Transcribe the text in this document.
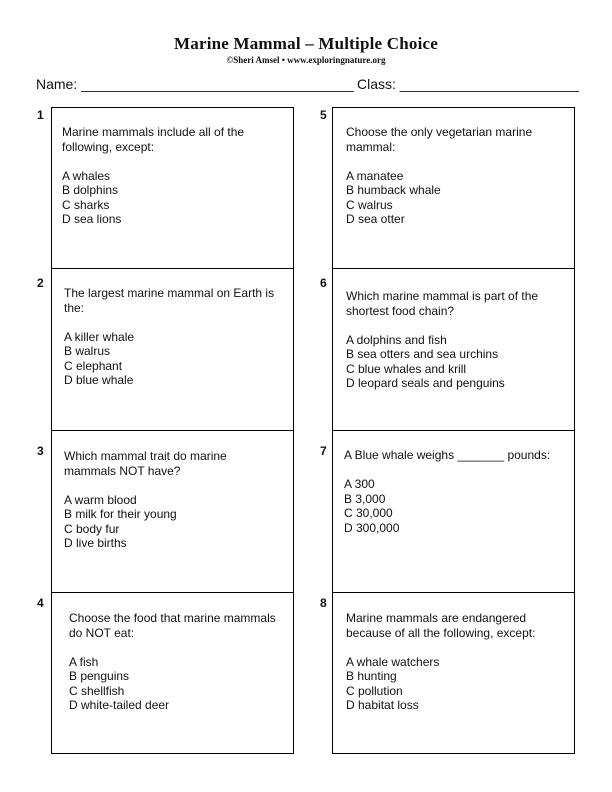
Marine Mammal – Multiple Choice
©Sheri Amsel • www.exploringnature.org
Name: ___________________________________ Class: _______________________
1
Marine mammals include all of the following, except:
A whales
B dolphins
C sharks
D sea lions
2
The largest marine mammal on Earth is the:
A killer whale
B walrus
C elephant
D blue whale
3 Which mammal trait do marine mammals NOT have?
A warm blood
B milk for their young
C body fur
D live births
4
Choose the food that marine mammals do NOT eat:
A fish
B penguins
C shellfish
D white-tailed deer
5
Choose the only vegetarian marine mammal:
A manatee
B humback whale
C walrus
D sea otter
6
Which marine mammal is part of the shortest food chain?
A dolphins and fish
B sea otters and sea urchins
C blue whales and krill
D leopard seals and penguins
7 A Blue whale weighs _______ pounds:
A 300
B 3,000
C 30,000
D 300,000
8
Marine mammals are endangered because of all the following, except:
A whale watchers
B hunting
C pollution
D habitat loss
